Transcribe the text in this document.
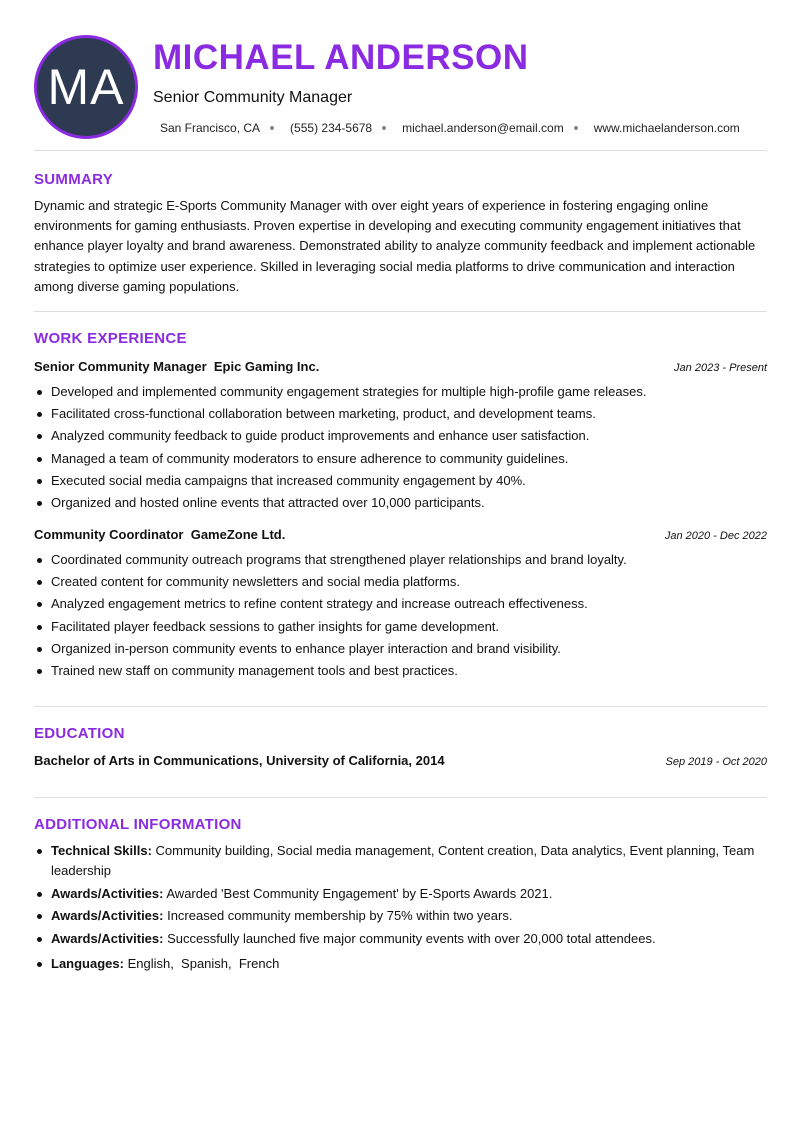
MA
MICHAEL ANDERSON
Senior Community Manager
San Francisco, CA	(555) 234-5678	michael.anderson@email.com	www.michaelanderson.com
SUMMARY
Dynamic and strategic E-Sports Community Manager with over eight years of experience in fostering engaging online environments for gaming enthusiasts. Proven expertise in developing and executing community engagement initiatives that enhance player loyalty and brand awareness. Demonstrated ability to analyze community feedback and implement actionable strategies to optimize user experience. Skilled in leveraging social media platforms to drive communication and interaction among diverse gaming populations.
WORK EXPERIENCE
Senior Community Manager  Epic Gaming Inc.	Jan 2023 - Present
Developed and implemented community engagement strategies for multiple high-profile game releases.
Facilitated cross-functional collaboration between marketing, product, and development teams.
Analyzed community feedback to guide product improvements and enhance user satisfaction.
Managed a team of community moderators to ensure adherence to community guidelines.
Executed social media campaigns that increased community engagement by 40%.
Organized and hosted online events that attracted over 10,000 participants.
Community Coordinator  GameZone Ltd.	Jan 2020 - Dec 2022
Coordinated community outreach programs that strengthened player relationships and brand loyalty.
Created content for community newsletters and social media platforms.
Analyzed engagement metrics to refine content strategy and increase outreach effectiveness.
Facilitated player feedback sessions to gather insights for game development.
Organized in-person community events to enhance player interaction and brand visibility.
Trained new staff on community management tools and best practices.
EDUCATION
Bachelor of Arts in Communications, University of California, 2014	Sep 2019 - Oct 2020
ADDITIONAL INFORMATION
Technical Skills: Community building, Social media management, Content creation, Data analytics, Event planning, Team leadership
Awards/Activities: Awarded 'Best Community Engagement' by E-Sports Awards 2021.
Awards/Activities: Increased community membership by 75% within two years.
Awards/Activities: Successfully launched five major community events with over 20,000 total attendees.
Languages: English,  Spanish,  French
